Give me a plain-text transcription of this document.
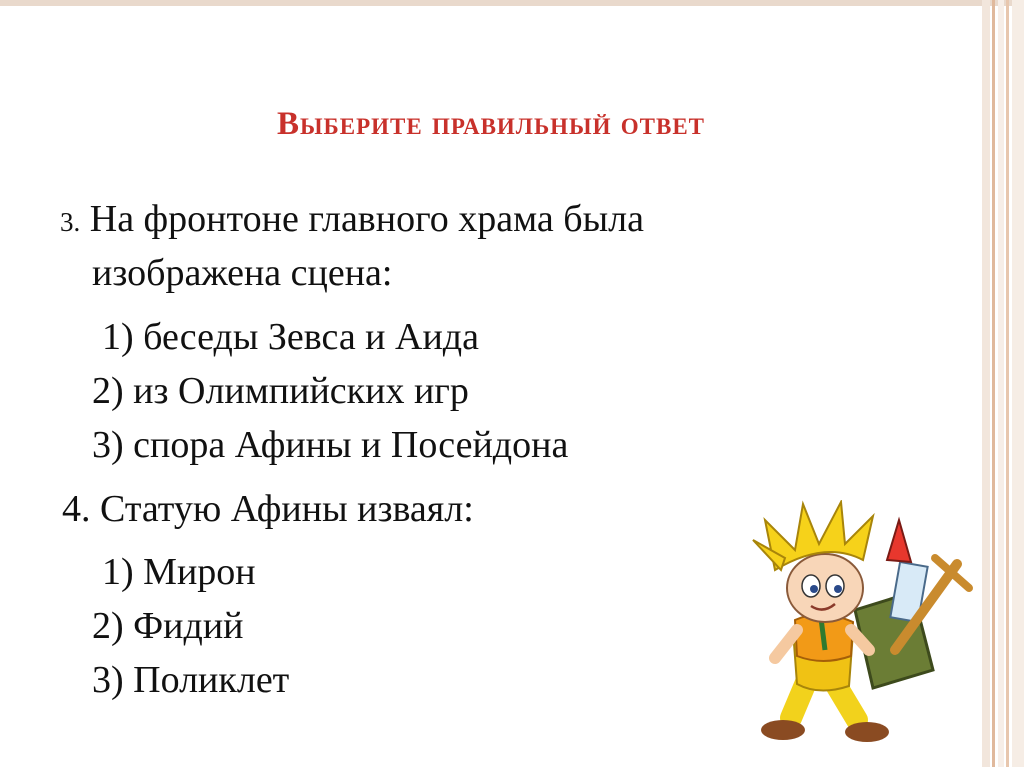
Выберите правильный ответ
3. На фронтоне главного храма была
изображена сцена:
1) беседы Зевса и Аида
2) из Олимпийских игр
3) спора Афины и Посейдона
4. Статую Афины изваял:
1) Мирон
2) Фидий
3) Поликлет
